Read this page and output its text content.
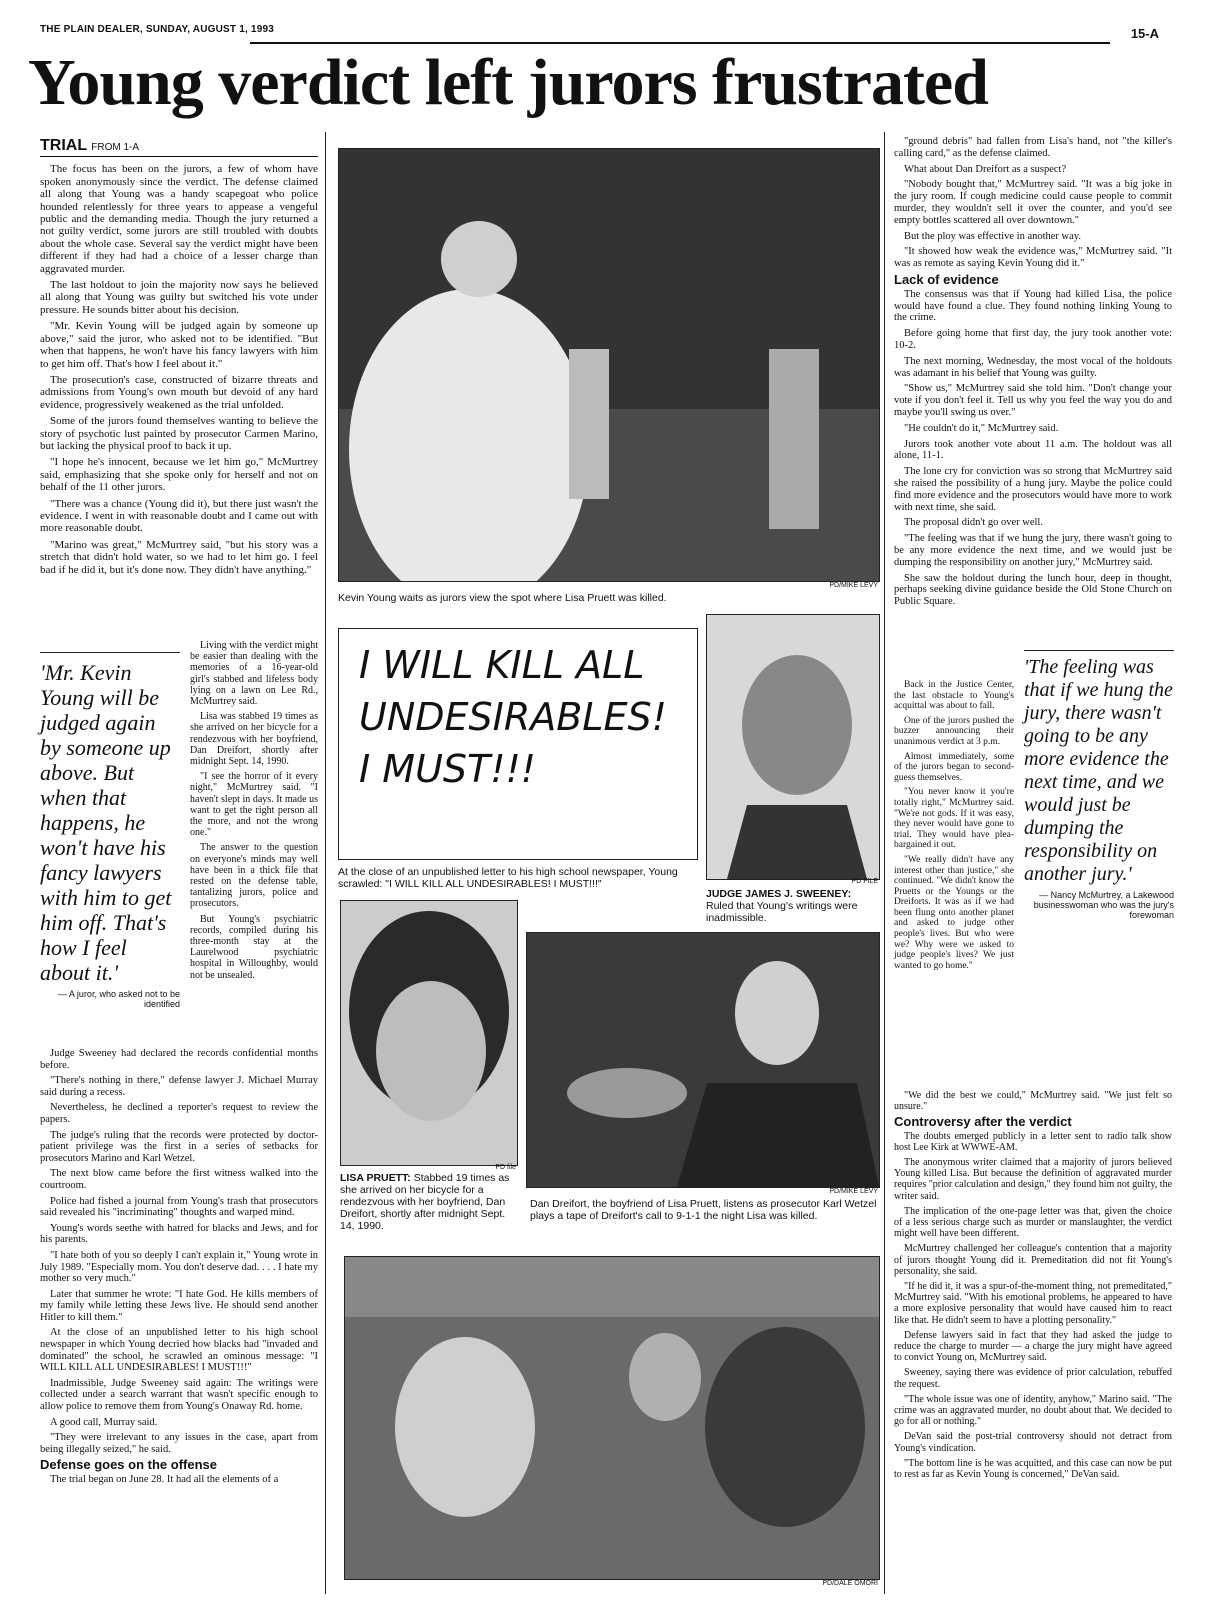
THE PLAIN DEALER, SUNDAY, AUGUST 1, 1993	15-A
Young verdict left jurors frustrated
TRIAL FROM 1-A

The focus has been on the jurors, a few of whom have spoken anonymously since the verdict. The defense claimed all along that Young was a handy scapegoat who police hounded relentlessly for three years to appease a vengeful public and the demanding media. Though the jury returned a not guilty verdict, some jurors are still troubled with doubts about the whole case. Several say the verdict might have been different if they had had a choice of a lesser charge than aggravated murder.

The last holdout to join the majority now says he believed all along that Young was guilty but switched his vote under pressure. He sounds bitter about his decision.

"Mr. Kevin Young will be judged again by someone up above," said the juror, who asked not to be identified. "But when that happens, he won't have his fancy lawyers with him to get him off. That's how I feel about it."

The prosecution's case, constructed of bizarre threats and admissions from Young's own mouth but devoid of any hard evidence, progressively weakened as the trial unfolded.

Some of the jurors found themselves wanting to believe the story of psychotic lust painted by prosecutor Carmen Marino, but lacking the physical proof to back it up.

"I hope he's innocent, because we let him go," McMurtrey said, emphasizing that she spoke only for herself and not on behalf of the 11 other jurors.

"There was a chance (Young did it), but there just wasn't the evidence. I went in with reasonable doubt and I came out with more reasonable doubt.

"Marino was great," McMurtrey said, "but his story was a stretch that didn't hold water, so we had to let him go. I feel bad if he did it, but it's done now. They didn't have anything."

'Mr. Kevin Young will be judged again by someone up above. But when that happens, he won't have his fancy lawyers with him to get him off. That's how I feel about it.'
— A juror, who asked not to be identified

Living with the verdict might be easier than dealing with the memories of a 16-year-old girl's stabbed and lifeless body lying on a lawn on Lee Rd., McMurtrey said.

Lisa was stabbed 19 times as she arrived on her bicycle for a rendezvous with her boyfriend, Dan Dreifort, shortly after midnight Sept. 14, 1990.

"I see the horror of it every night," McMurtrey said. "I haven't slept in days. It made us want to get the right person all the more, and not the wrong one."

The answer to the question on everyone's minds may well have been in a thick file that rested on the defense table, tantalizing jurors, police and prosecutors.

But Young's psychiatric records, compiled during his three-month stay at the Laurelwood psychiatric hospital in Willoughby, would not be unsealed.

Judge Sweeney had declared the records confidential months before.

"There's nothing in there," defense lawyer J. Michael Murray said during a recess.

Nevertheless, he declined a reporter's request to review the papers.

The judge's ruling that the records were protected by doctor-patient privilege was the first in a series of setbacks for prosecutors Marino and Karl Wetzel.

The next blow came before the first witness walked into the courtroom.

Police had fished a journal from Young's trash that prosecutors said revealed his "incriminating" thoughts and warped mind.

Young's words seethe with hatred for blacks and Jews, and for his parents.

"I hate both of you so deeply I can't explain it," Young wrote in July 1989. "Especially mom. You don't deserve dad. . . . I hate my mother so very much."

Later that summer he wrote: "I hate God. He kills members of my family while letting these Jews live. He should send another Hitler to kill them."

At the close of an unpublished letter to his high school newspaper in which Young decried how blacks had "invaded and dominated" the school, he scrawled an ominous message: "I WILL KILL ALL UNDESIRABLES! I MUST!!!"

Inadmissible, Judge Sweeney said again: The writings were collected under a search warrant that wasn't specific enough to allow police to remove them from Young's Onaway Rd. home.

A good call, Murray said.

"They were irrelevant to any issues in the case, apart from being illegally seized," he said.

Defense goes on the offense

The trial began on June 28. It had all the elements of a

PD/MIKE LEVY
Kevin Young waits as jurors view the spot where Lisa Pruett was killed.
I WILL KILL ALL
UNDESIRABLES!
I MUST!!!
At the close of an unpublished letter to his high school newspaper, Young scrawled: "I WILL KILL ALL UNDESIRABLES! I MUST!!!"	PD FILE
JUDGE JAMES J. SWEENEY:
Ruled that Young's writings were inadmissible.
PD file
LISA PRUETT: Stabbed 19 times as she arrived on her bicycle for a rendezvous with her boyfriend, Dan Dreifort, shortly after midnight Sept. 14, 1990.
PD/MIKE LEVY
Dan Dreifort, the boyfriend of Lisa Pruett, listens as prosecutor Karl Wetzel plays a tape of Dreifort's call to 9-1-1 the night Lisa was killed.
PD/DALE OMORI

"ground debris" had fallen from Lisa's hand, not "the killer's calling card," as the defense claimed.

What about Dan Dreifort as a suspect?

"Nobody bought that," McMurtrey said. "It was a big joke in the jury room. If cough medicine could cause people to commit murder, they wouldn't sell it over the counter, and you'd see empty bottles scattered all over downtown."

But the ploy was effective in another way.

"It showed how weak the evidence was," McMurtrey said. "It was as remote as saying Kevin Young did it."

Lack of evidence

The consensus was that if Young had killed Lisa, the police would have found a clue. They found nothing linking Young to the crime.

Before going home that first day, the jury took another vote: 10-2.

The next morning, Wednesday, the most vocal of the holdouts was adamant in his belief that Young was guilty.

"Show us," McMurtrey said she told him. "Don't change your vote if you don't feel it. Tell us why you feel the way you do and maybe you'll swing us over."

"He couldn't do it," McMurtrey said.

Jurors took another vote about 11 a.m. The holdout was all alone, 11-1.

The lone cry for conviction was so strong that McMurtrey said she raised the possibility of a hung jury. Maybe the police could find more evidence and the prosecutors would have more to work with next time, she said.

The proposal didn't go over well.

"The feeling was that if we hung the jury, there wasn't going to be any more evidence the next time, and we would just be dumping the responsibility on another jury," McMurtrey said.

She saw the holdout during the lunch hour, deep in thought, perhaps seeking divine guidance beside the Old Stone Church on Public Square.

Back in the Justice Center, the last obstacle to Young's acquittal was about to fall.

One of the jurors pushed the buzzer announcing their unanimous verdict at 3 p.m.

Almost immediately, some of the jurors began to second-guess themselves.

"You never know it you're totally right," McMurtrey said. "We're not gods. If it was easy, they never would have gone to trial. They would have plea-bargained it out.

"We really didn't have any interest other than justice," she continued. "We didn't know the Pruetts or the Youngs or the Dreiforts. It was as if we had been flung onto another planet and asked to judge other people's lives. But who were we? Why were we asked to judge people's lives? We just wanted to go home."

'The feeling was that if we hung the jury, there wasn't going to be any more evidence the next time, and we would just be dumping the responsibility on another jury.'
— Nancy McMurtrey, a Lakewood businesswoman who was the jury's forewoman

"We did the best we could," McMurtrey said. "We just felt so unsure."

Controversy after the verdict

The doubts emerged publicly in a letter sent to radio talk show host Lee Kirk at WWWE-AM.

The anonymous writer claimed that a majority of jurors believed Young killed Lisa. But because the definition of aggravated murder requires "prior calculation and design," they found him not guilty, the writer said.

The implication of the one-page letter was that, given the choice of a less serious charge such as murder or manslaughter, the verdict might well have been different.

McMurtrey challenged her colleague's contention that a majority of jurors thought Young did it. Premeditation did not fit Young's personality, she said.

"If he did it, it was a spur-of-the-moment thing, not premeditated," McMurtrey said. "With his emotional problems, he appeared to have a more explosive personality that would have caused him to react like that. He didn't seem to have a plotting personality."

Defense lawyers said in fact that they had asked the judge to reduce the charge to murder — a charge the jury might have agreed to convict Young on, McMurtrey said.

Sweeney, saying there was evidence of prior calculation, rebuffed the request.

"The whole issue was one of identity, anyhow," Marino said. "The crime was an aggravated murder, no doubt about that. We decided to go for all or nothing."

DeVan said the post-trial controversy should not detract from Young's vindication.

"The bottom line is he was acquitted, and this case can now be put to rest as far as Kevin Young is concerned," DeVan said.
